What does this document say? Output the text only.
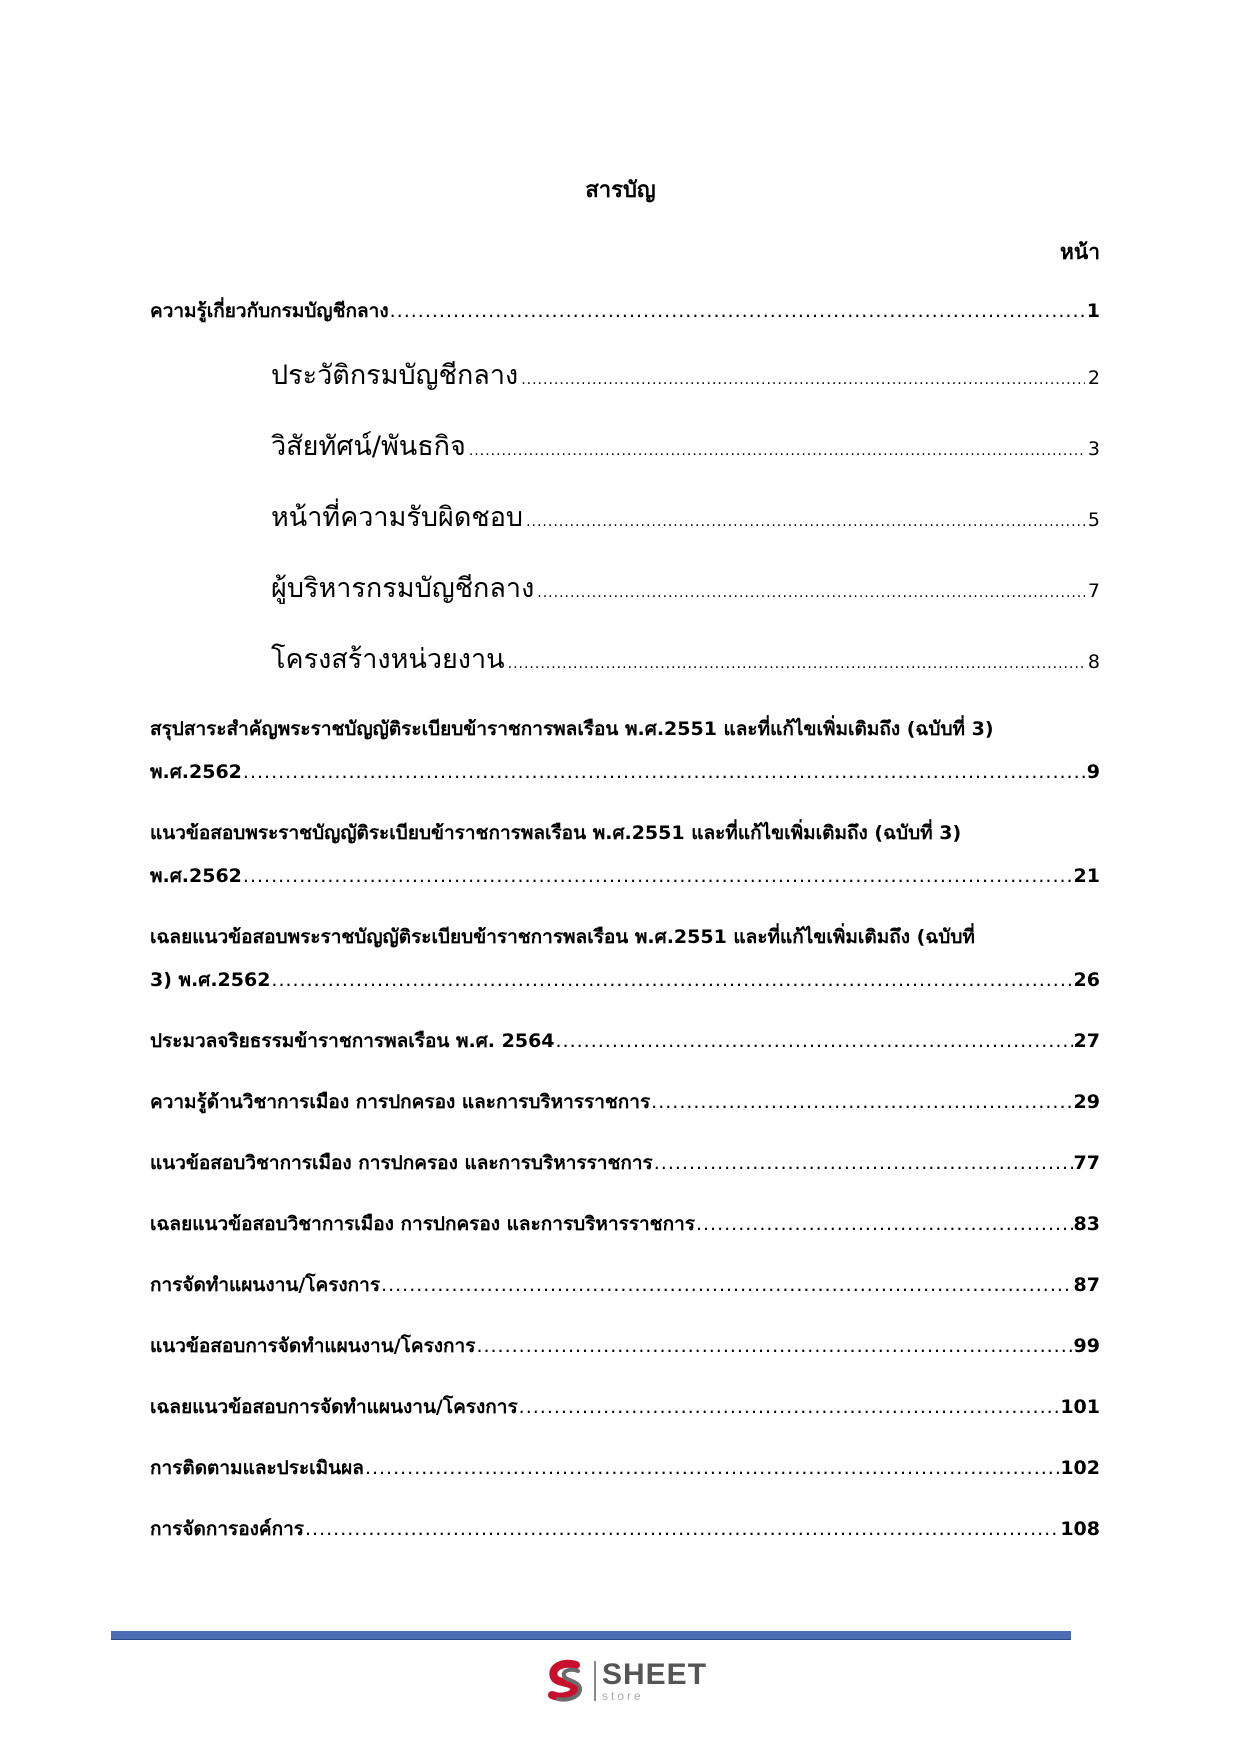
สารบัญ
หน้า
ความรู้เกี่ยวกับกรมบัญชีกลาง .....	1
ประวัติกรมบัญชีกลาง .....	2
วิสัยทัศน์/พันธกิจ .....	3
หน้าที่ความรับผิดชอบ .....	5
ผู้บริหารกรมบัญชีกลาง .....	7
โครงสร้างหน่วยงาน .....	8
สรุปสาระสำคัญพระราชบัญญัติระเบียบข้าราชการพลเรือน พ.ศ.2551 และที่แก้ไขเพิ่มเติมถึง (ฉบับที่ 3)
พ.ศ.2562 .....	9
แนวข้อสอบพระราชบัญญัติระเบียบข้าราชการพลเรือน พ.ศ.2551 และที่แก้ไขเพิ่มเติมถึง (ฉบับที่ 3)
พ.ศ.2562 .....	21
เฉลยแนวข้อสอบพระราชบัญญัติระเบียบข้าราชการพลเรือน พ.ศ.2551 และที่แก้ไขเพิ่มเติมถึง (ฉบับที่
3) พ.ศ.2562 .....	26
ประมวลจริยธรรมข้าราชการพลเรือน พ.ศ. 2564 .....	27
ความรู้ด้านวิชาการเมือง การปกครอง และการบริหารราชการ .....	29
แนวข้อสอบวิชาการเมือง การปกครอง และการบริหารราชการ .....	77
เฉลยแนวข้อสอบวิชาการเมือง การปกครอง และการบริหารราชการ .....	83
การจัดทำแผนงาน/โครงการ .....	87
แนวข้อสอบการจัดทำแผนงาน/โครงการ .....	99
เฉลยแนวข้อสอบการจัดทำแผนงาน/โครงการ .....	101
การติดตามและประเมินผล .....	102
การจัดการองค์การ .....	108
SHEET
store
